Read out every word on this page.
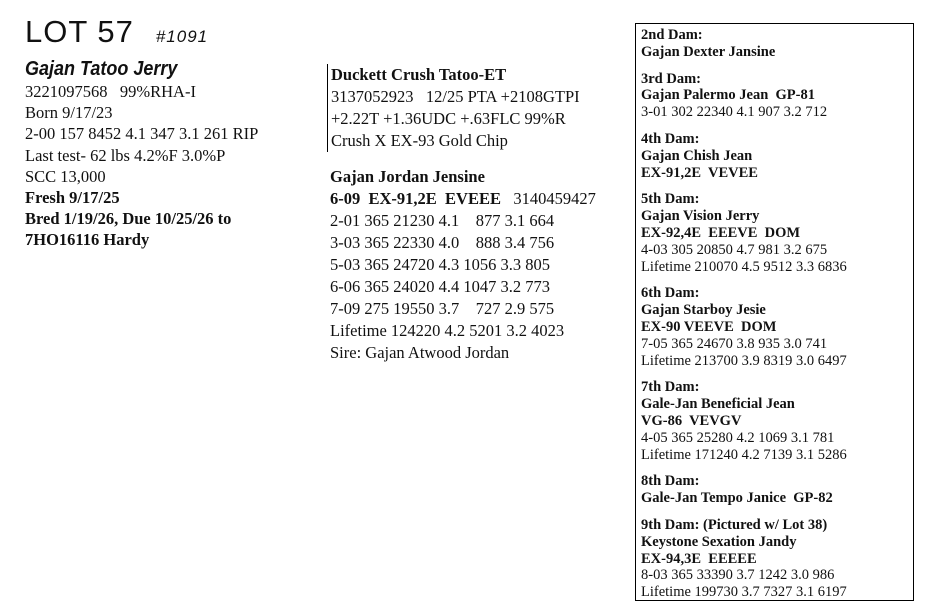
LOT 57 #1091
Gajan Tatoo Jerry
3221097568   99%RHA-I
Born 9/17/23
2-00 157 8452 4.1 347 3.1 261 RIP
Last test- 62 lbs 4.2%F 3.0%P
SCC 13,000
Fresh 9/17/25
Bred 1/19/26, Due 10/25/26 to
7HO16116 Hardy
Duckett Crush Tatoo-ET
3137052923   12/25 PTA +2108GTPI
+2.22T +1.36UDC +.63FLC 99%R
Crush X EX-93 Gold Chip
Gajan Jordan Jensine
6-09  EX-91,2E  EVEEE 3140459427
2-01 365 21230 4.1    877 3.1 664
3-03 365 22330 4.0    888 3.4 756
5-03 365 24720 4.3 1056 3.3 805
6-06 365 24020 4.4 1047 3.2 773
7-09 275 19550 3.7    727 2.9 575
Lifetime 124220 4.2 5201 3.2 4023
Sire: Gajan Atwood Jordan
2nd Dam:
Gajan Dexter Jansine
3rd Dam:
Gajan Palermo Jean  GP-81
3-01 302 22340 4.1 907 3.2 712
4th Dam:
Gajan Chish Jean
EX-91,2E  VEVEE
5th Dam:
Gajan Vision Jerry
EX-92,4E  EEEVE  DOM
4-03 305 20850 4.7 981 3.2 675
Lifetime 210070 4.5 9512 3.3 6836
6th Dam:
Gajan Starboy Jesie
EX-90 VEEVE  DOM
7-05 365 24670 3.8 935 3.0 741
Lifetime 213700 3.9 8319 3.0 6497
7th Dam:
Gale-Jan Beneficial Jean
VG-86  VEVGV
4-05 365 25280 4.2 1069 3.1 781
Lifetime 171240 4.2 7139 3.1 5286
8th Dam:
Gale-Jan Tempo Janice  GP-82
9th Dam: (Pictured w/ Lot 38)
Keystone Sexation Jandy
EX-94,3E  EEEEE
8-03 365 33390 3.7 1242 3.0 986
Lifetime 199730 3.7 7327 3.1 6197
